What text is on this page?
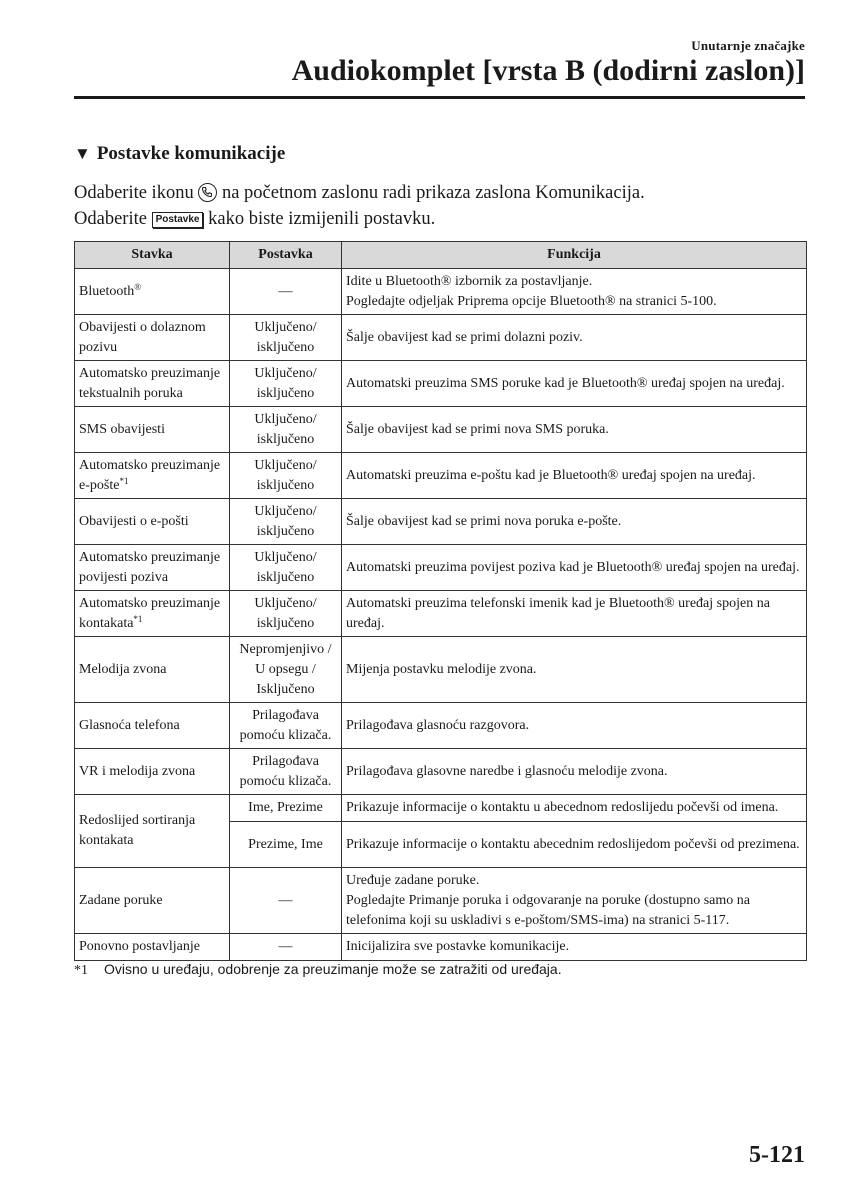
Unutarnje značajke
Audiokomplet [vrsta B (dodirni zaslon)]
▼ Postavke komunikacije
Odaberite ikonu na početnom zaslonu radi prikaza zaslona Komunikacija.
Odaberite Postavke kako biste izmijenili postavku.
Stavka	Postavka	Funkcija
Bluetooth®	—	Idite u Bluetooth® izbornik za postavljanje.
Pogledajte odjeljak Priprema opcije Bluetooth® na stranici 5-100.

Obavijesti o dolaznom pozivu	Uključeno/ isključeno	Šalje obavijest kad se primi dolazni poziv.
Automatsko preuzimanje tekstualnih poruka	Uključeno/ isključeno	Automatski preuzima SMS poruke kad je Bluetooth® uređaj spojen na uređaj.
SMS obavijesti	Uključeno/ isključeno	Šalje obavijest kad se primi nova SMS poruka.
Automatsko preuzimanje e-pošte$^{*1}$	Uključeno/ isključeno	Automatski preuzima e-poštu kad je Bluetooth® uređaj spojen na uređaj.
Obavijesti o e-pošti	Uključeno/ isključeno	Šalje obavijest kad se primi nova poruka e-pošte.
Automatsko preuzimanje povijesti poziva	Uključeno/ isključeno	Automatski preuzima povijest poziva kad je Bluetooth® uređaj spojen na uređaj.
Automatsko preuzimanje kontakata$^{*1}$	Uključeno/ isključeno	Automatski preuzima telefonski imenik kad je Bluetooth® uređaj spojen na uređaj.
Melodija zvona	Nepromjenjivo / U opsegu / Isključeno	Mijenja postavku melodije zvona.
Glasnoća telefona	Prilagođava pomoću klizača.	Prilagođava glasnoću razgovora.
VR i melodija zvona	Prilagođava pomoću klizača.	Prilagođava glasovne naredbe i glasnoću melodije zvona.
Redoslijed sortiranja kontakata	Ime, Prezime	Prikazuje informacije o kontaktu u abecednom redoslijedu počevši od imena.
	Prezime, Ime	Prikazuje informacije o kontaktu abecednim redoslijedom počevši od prezimena.
Zadane poruke	—	Uređuje zadane poruke.
Pogledajte Primanje poruka i odgovaranje na poruke (dostupno samo na telefonima koji su uskladivi s e-poštom/SMS-ima) na stranici 5-117.

Ponovno postavljanje	—	Inicijalizira sve postavke komunikacije.
*1 Ovisno u uređaju, odobrenje za preuzimanje može se zatražiti od uređaja.
5-121
